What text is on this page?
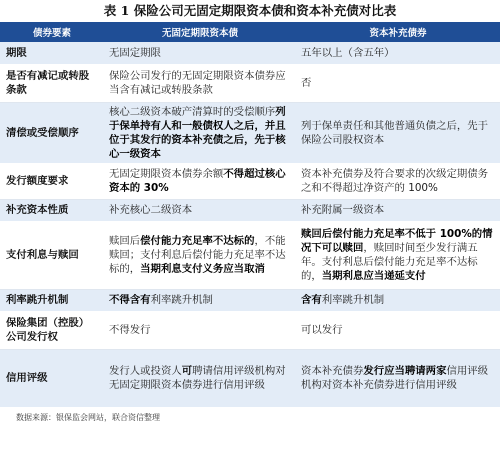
表 1 保险公司无固定期限资本债和资本补充债对比表
债券要素	无固定期限资本债	资本补充债券
期限	无固定期限	五年以上（含五年）
是否有减记或转股条款	保险公司发行的无固定期限资本债券应当含有减记或转股条款	否
清偿或受偿顺序	核心二级资本破产清算时的受偿顺序列于保单持有人和一般债权人之后，并且位于其发行的资本补充债之后，先于核心一级资本	列于保单责任和其他普通负债之后，先于保险公司股权资本
发行额度要求	无固定期限资本债券余额不得超过核心资本的 30%	资本补充债券及符合要求的次级定期债务之和不得超过净资产的 100%
补充资本性质	补充核心二级资本	补充附属一级资本
支付利息与赎回	赎回后偿付能力充足率不达标的，不能赎回；支付利息后偿付能力充足率不达标的，当期利息支付义务应当取消	赎回后偿付能力充足率不低于 100%的情况下可以赎回，赎回时间至少发行满五年。支付利息后偿付能力充足率不达标的，当期利息应当递延支付
利率跳升机制	不得含有利率跳升机制	含有利率跳升机制
保险集团（控股）公司发行权	不得发行	可以发行
信用评级	发行人或投资人可聘请信用评级机构对无固定期限资本债券进行信用评级	资本补充债券发行应当聘请两家信用评级机构对资本补充债券进行信用评级
数据来源：银保监会网站，联合资信整理
